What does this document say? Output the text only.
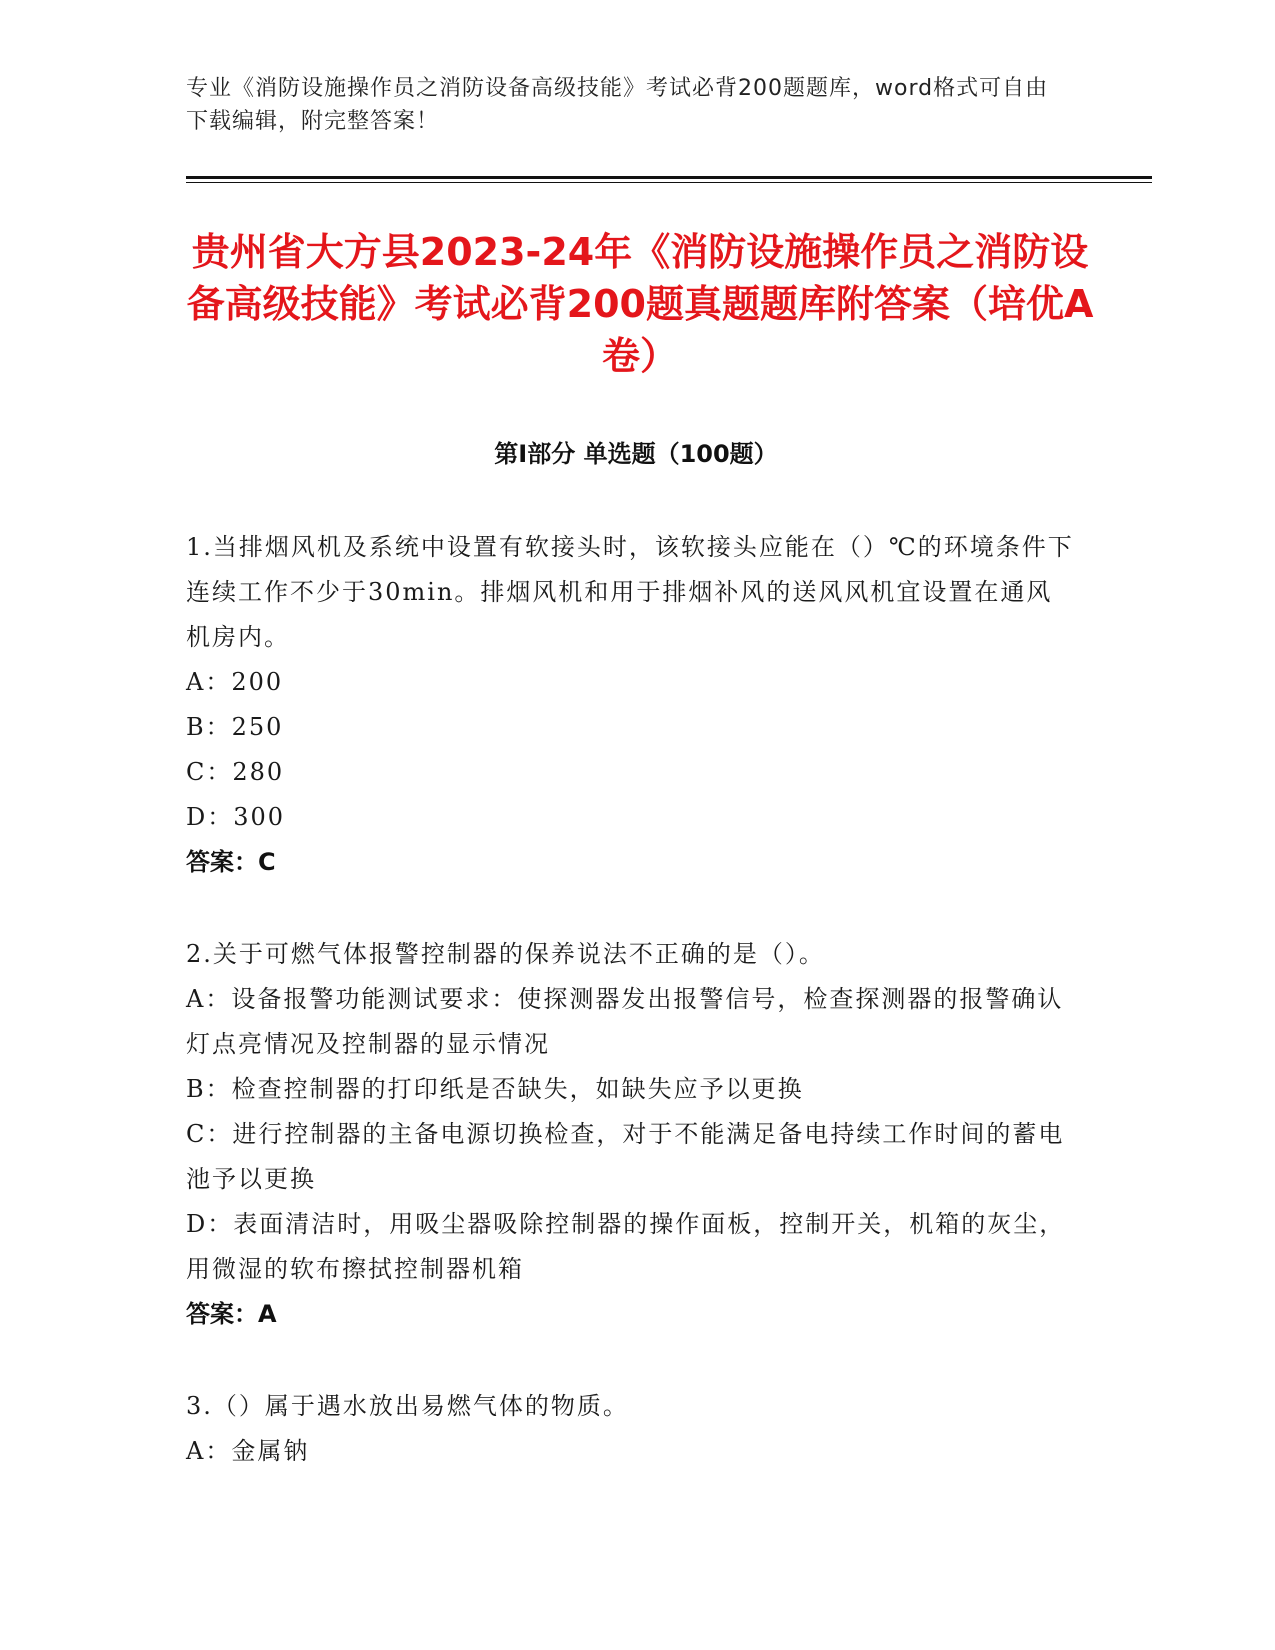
专业《消防设施操作员之消防设备高级技能》考试必背200题题库，word格式可自由下载编辑，附完整答案！
贵州省大方县2023-24年《消防设施操作员之消防设备高级技能》考试必背200题真题题库附答案（培优A卷）
第Ⅰ部分 单选题（100题）
1.当排烟风机及系统中设置有软接头时，该软接头应能在（）℃的环境条件下连续工作不少于30min。排烟风机和用于排烟补风的送风风机宜设置在通风机房内。
A：200
B：250
C：280
D：300
答案：C
2.关于可燃气体报警控制器的保养说法不正确的是（）。
A：设备报警功能测试要求：使探测器发出报警信号，检查探测器的报警确认灯点亮情况及控制器的显示情况
B：检查控制器的打印纸是否缺失，如缺失应予以更换
C：进行控制器的主备电源切换检查，对于不能满足备电持续工作时间的蓄电池予以更换
D：表面清洁时，用吸尘器吸除控制器的操作面板，控制开关，机箱的灰尘，用微湿的软布擦拭控制器机箱
答案：A
3.（）属于遇水放出易燃气体的物质。
A：金属钠
